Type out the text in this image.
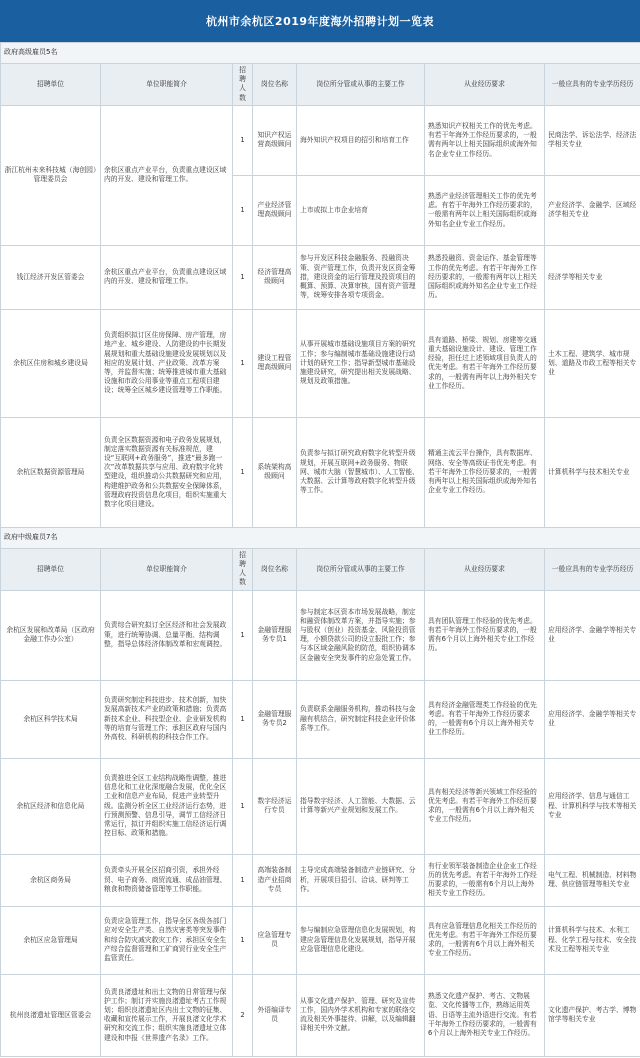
杭州市余杭区2019年度海外招聘计划一览表
政府高级雇员5名						
招聘单位	单位职能简介	招聘人数	岗位名称	岗位所分管或从事的主要工作	从业经历要求	一般应具有的专业学历经历
浙江杭州未来科技城（海创园）管理委员会	余杭区重点产业平台，负责重点建设区域内的开发、建设和管理工作。	1	知识产权运营高级顾问	海外知识产权项目的招引和培育工作	熟悉知识产权相关工作的优先考虑。有若干年海外工作经历要求的，一般需有两年以上相关国际组织或海外知名企业专业工作经历。	民商法学、诉讼法学、经济法学相关专业
		1	产业经济管理高级顾问	上市或拟上市企业培育	熟悉产业经济管理相关工作的优先考虑。有若干年海外工作经历要求的，一般需有两年以上相关国际组织或海外知名企业专业工作经历。	产业经济学、金融学、区域经济学相关专业
钱江经济开发区管委会	余杭区重点产业平台，负责重点建设区域内的开发、建设和管理工作。	1	经济管理高级顾问	参与开发区科技金融服务、投融资决策、资产管理工作，负责开发区资金筹措，建设资金的运行管理及投资项目的概算、预算、决算审核，国有资产管理等，统筹安排各项专项资金。	熟悉投融资、资金运作、基金管理等工作的优先考虑。有若干年海外工作经历要求的，一般需有两年以上相关国际组织或海外知名企业专业工作经历。	经济学等相关专业
余杭区住房和城乡建设局	负责组织拟订区住房保障、房产管理，房地产业、城乡建设、人防建设的中长期发展规划和重大基础设施建设发展规划以及相应的发展计划、产业政策、改革方案等，并监督实施；统筹推进城市重大基础设施和市政公用事业等重点工程项目建设；统筹全区城乡建设管理等工作职能。	1	建设工程管理高级顾问	从事开展城市基础设施项目方案的研究工作；参与编制城市基础设施建设行动计划的研究工作；指导新型城市基础设施建设研究，研究提出相关发展战略、规划及政策措施。	具有道路、桥梁、规划、房建等交通重大基础设施设计、建设、管理工作经验，担任过上述领域项目负责人的优先考虑。有若干年海外工作经历要求的，一般需有两年以上海外相关专业工作经历。	土木工程、建筑学、城市规划、道路及市政工程等相关专业
余杭区数据资源管理局	负责全区数据资源和电子政务发展规划，制定落实数据资源有关标准规范，建设“互联网+政务服务”，推进“最多跑一次”改革数据共享与应用、政府数字化转型建设，组织推动公共数据研究和应用，构建维护政务和公共数据安全保障体系，管理政府投资信息化项目，组织实施重大数字化项目建设。	1	系统架构高级顾问	负责参与拟订研究政府数字化转型升级规划，开展互联网+政务服务、物联网、城市大脑（智慧城市）、人工智能、大数据、云计算等政府数字化转型升级等工作。	精通主流云平台操作，具有数据库、网络、安全等高级证书优先考虑。有若干年海外工作经历要求的，一般需有两年以上相关国际组织或海外知名企业专业工作经历。	计算机科学与技术相关专业
政府中级雇员7名						
招聘单位	单位职能简介	招聘人数	岗位名称	岗位所分管或从事的主要工作	从业经历要求	一般应具有的专业学历经历
余杭区发展和改革局（区政府金融工作办公室）	负责综合研究拟订全区经济和社会发展政策，进行统筹协调、总量平衡、结构调整，指导总体经济体制改革和宏观调控。	1	金融管理服务专员1	参与制定本区资本市场发展战略，制定和融资体制改革方案，并指导实施；参与股权（创业）投资基金、风险投资管理，小额贷款公司的设立报批工作；参与本区域金融风险的防范，组织协调本区金融安全突发事件的应急处置工作。	具有团队管理工作经验的优先考虑。有若干年海外工作经历要求的，一般需有6个月以上海外相关专业工作经历。	应用经济学、金融学等相关专业
余杭区科学技术局	负责研究制定科技进步、技术创新，加快发展高新技术产业的政策和措施；负责高新技术企业、科技型企业、企业研发机构等的培育与管理工作；承担区政府与国内外高校、科研机构的科技合作工作。	1	金融管理服务专员2	负责联系金融服务机构，推动科技与金融有机结合，研究制定科技企业评价体系等工作。	具有经济金融管理类工作经验的优先考虑。有若干年海外工作经历要求的，一般需有6个月以上海外相关专业工作经历。	应用经济学、金融学等相关专业
余杭区经济和信息化局	负责推进全区工业结构战略性调整，推进信息化和工业化深度融合发展，优化全区工业和信息产业布局，促进产业转型升级。监测分析全区工业经济运行态势，进行预测预警、信息引导，调节工信经济日常运行，拟订并组织实施工信经济运行调控目标、政策和措施。	1	数字经济运行专员	指导数字经济、人工智能、大数据、云计算等新兴产业规划和发展工作。	具有相关经济等新兴领域工作经验的优先考虑。有若干年海外工作经历要求的，一般需有6个月以上海外相关专业工作经历。	应用经济学、信息与通信工程、计算机科学与技术等相关专业
余杭区商务局	负责牵头开展全区招商引资，承担外经贸、电子商务、商贸流通、成品油管理、粮食和物资储备管理等工作职能。	1	高端装备制造产业招商专员	主导完成高端装备制造产业链研究、分析，开展项目招引、洽谈、研判等工作。	有行业领军装备制造企业企业工作经历的优先考虑。有若干年海外工作经历要求的，一般需有6个月以上海外相关专业工作经历。	电气工程、机械制造、材料物理、供应链管理等相关专业
余杭区应急管理局	负责应急管理工作，指导全区各级各部门应对安全生产类、自然灾害类等突发事件和综合防灾减灾救灾工作；承担区安全生产综合监督管理和工矿商贸行业安全生产监管责任。	1	应急管理专员	参与编制应急管理信息化发展规划，构建应急管理信息化发展规划，指导开展应急管理信息化建设。	具有应急管理信息化相关工作经历的优先考虑。有若干年海外工作经历要求的，一般需有6个月以上海外相关专业工作经历。	计算机科学与技术、水利工程、化学工程与技术、安全技术及工程等相关专业
杭州良渚遗址管理区管委会	负责良渚遗址和出土文物的日常管理与保护工作；制订并实施良渚遗址考古工作规划；组织良渚遗址区内出土文物的征集、收藏和宣传展示工作，开展良渚文化学术研究和交流工作；组织实施良渚遗址立体建设和申报《世界遗产名录》工作。	2	外语编译专员	从事文化遗产保护、管理、研究及宣传工作，国内外学术机构和专家的联络交流及相关外事接待、讲解，以及编辑翻译相关中外文献。	熟悉文化遗产保护、考古、文物展览、文化传播等工作，熟练运用英语、日语等主流外语进行交流。有若干年海外工作经历要求的，一般需有6个月以上海外相关专业工作经历。	文化遗产保护、考古学、博物馆学等相关专业
